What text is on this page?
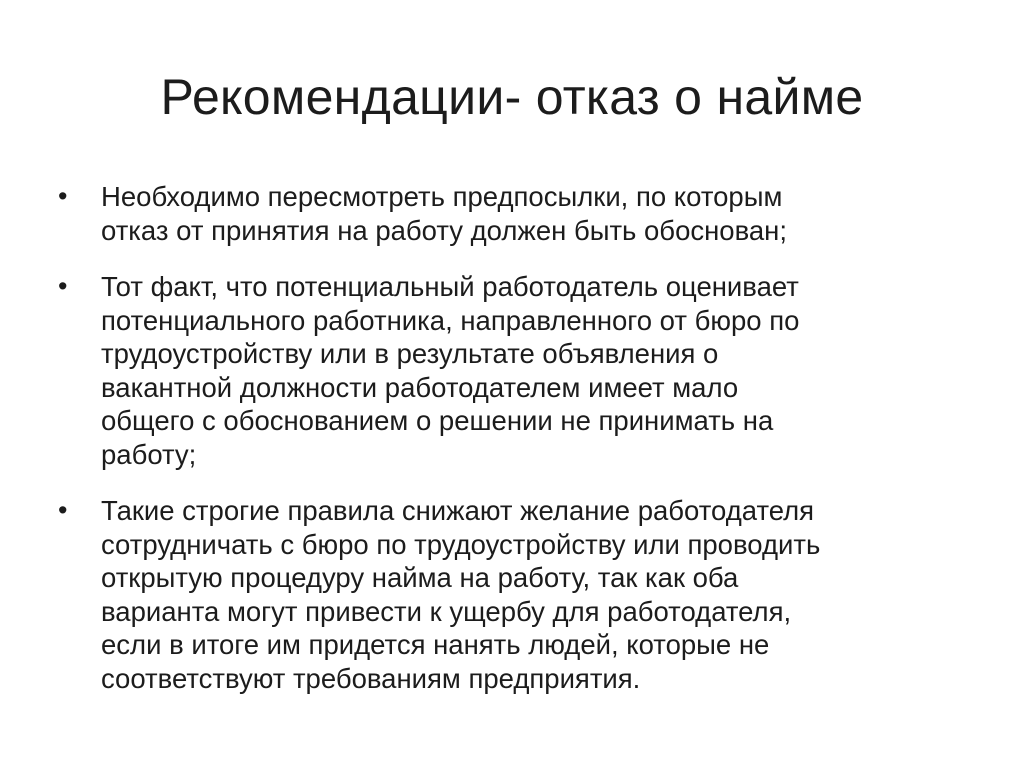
Рекомендации- отказ о найме
•	Необходимо пересмотреть предпосылки, по которым
отказ от принятия на работу должен быть обоснован;
•	Тот факт, что потенциальный работодатель оценивает
потенциального работника, направленного от бюро по
трудоустройству или в результате объявления о
вакантной должности работодателем имеет мало
общего с обоснованием о решении не принимать на
работу;
•	Такие строгие правила снижают желание работодателя
сотрудничать с бюро по трудоустройству или проводить
открытую процедуру найма на работу, так как оба
варианта могут привести к ущербу для работодателя,
если в итоге им придется нанять людей, которые не
соответствуют требованиям предприятия.
